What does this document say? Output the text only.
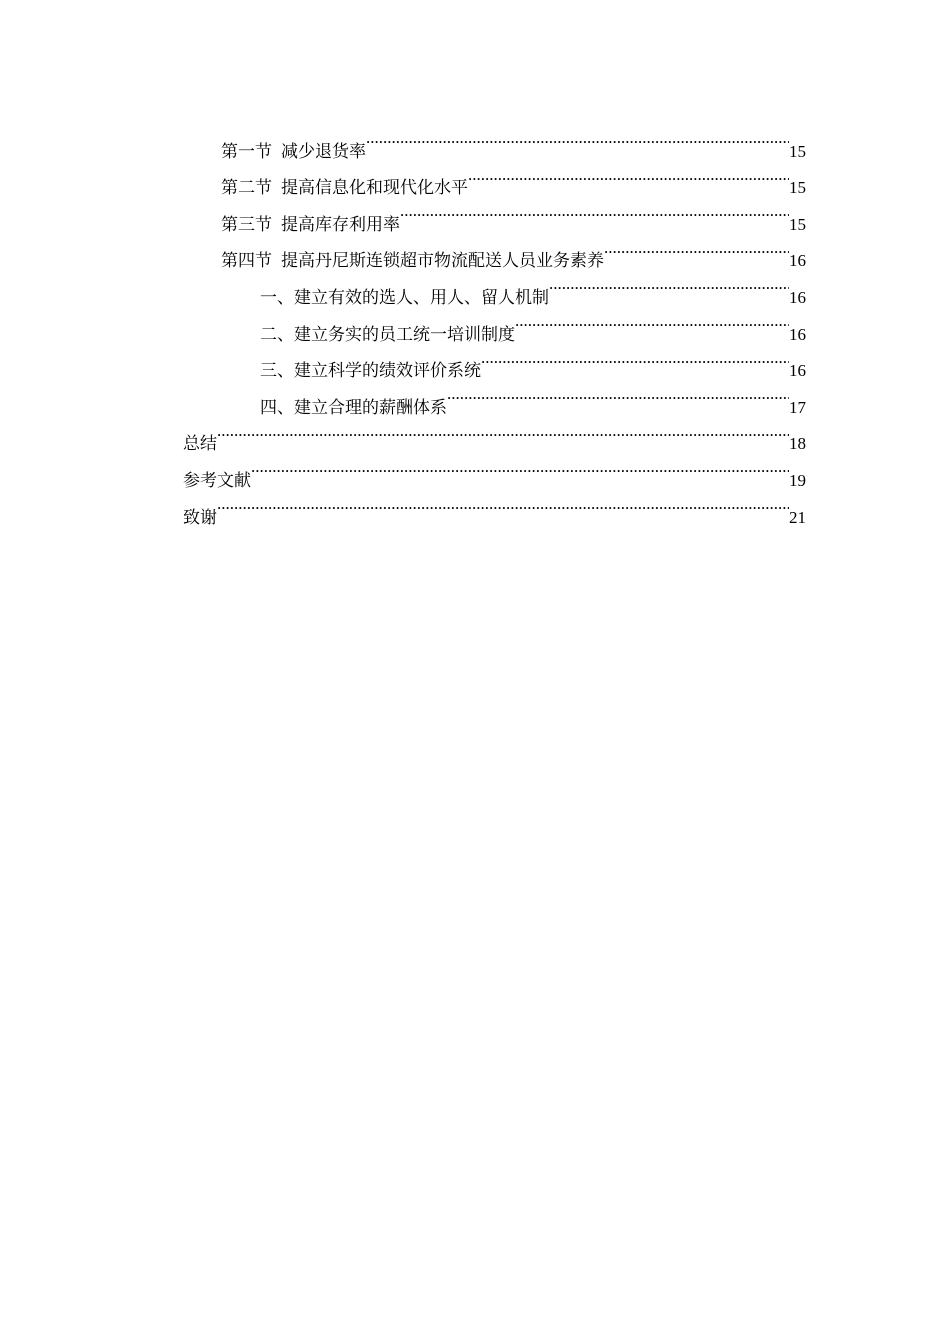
第一节 减少退货率 .....	15
第二节 提高信息化和现代化水平 .....	15
第三节 提高库存利用率 .....	15
第四节 提高丹尼斯连锁超市物流配送人员业务素养 .....	16
一、建立有效的选人、用人、留人机制 .....	16
二、建立务实的员工统一培训制度 .....	16
三、建立科学的绩效评价系统 .....	16
四、建立合理的薪酬体系 .....	17
总结 .....	18
参考文献 .....	19
致谢 .....	21
